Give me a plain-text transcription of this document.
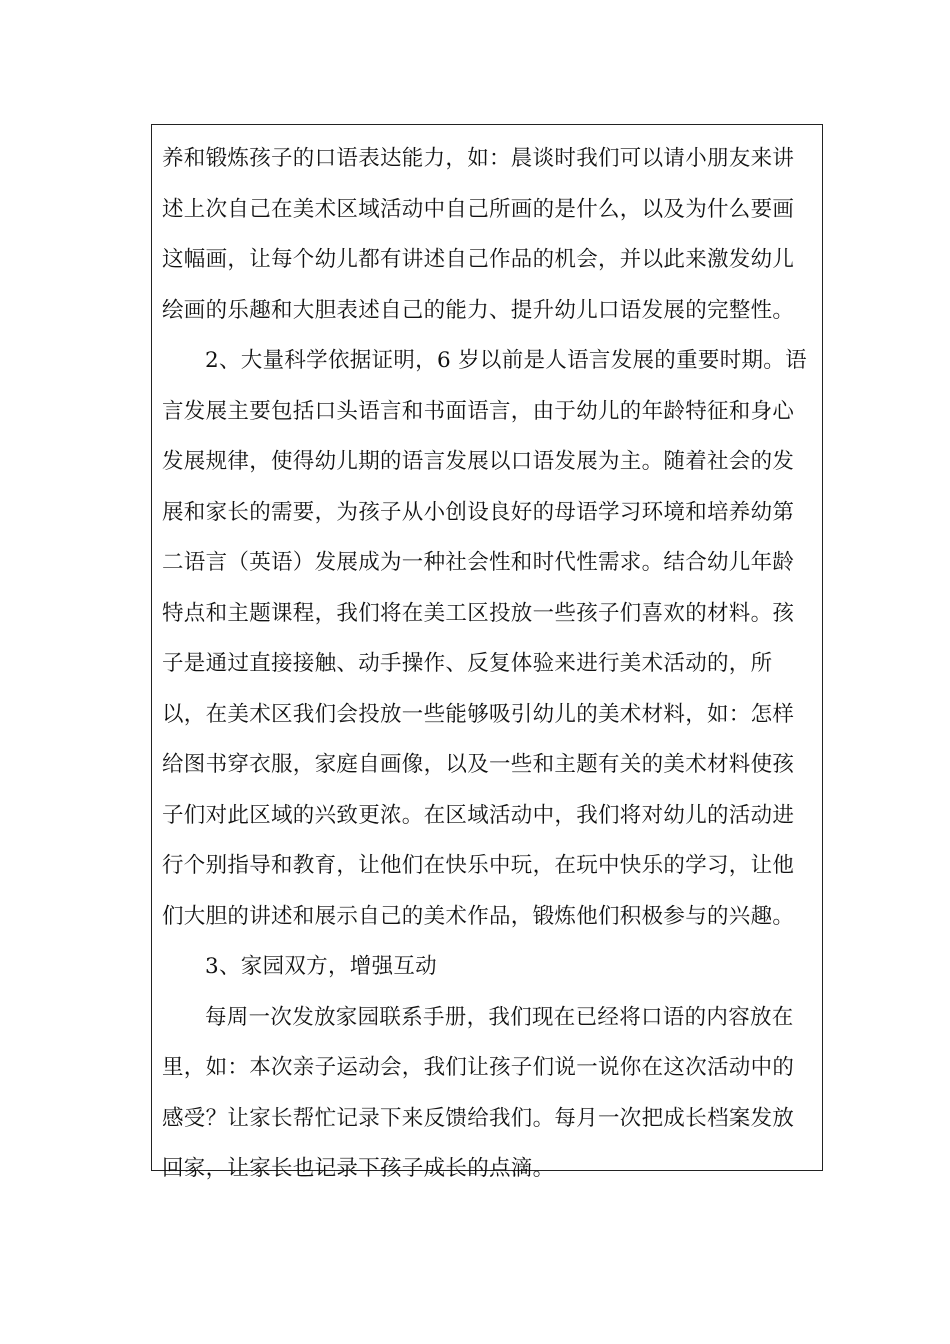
养和锻炼孩子的口语表达能力，如：晨谈时我们可以请小朋友来讲
述上次自己在美术区域活动中自己所画的是什么，以及为什么要画
这幅画，让每个幼儿都有讲述自己作品的机会，并以此来激发幼儿
绘画的乐趣和大胆表述自己的能力、提升幼儿口语发展的完整性。
2、大量科学依据证明，6 岁以前是人语言发展的重要时期。语
言发展主要包括口头语言和书面语言，由于幼儿的年龄特征和身心
发展规律，使得幼儿期的语言发展以口语发展为主。随着社会的发
展和家长的需要，为孩子从小创设良好的母语学习环境和培养幼第
二语言（英语）发展成为一种社会性和时代性需求。结合幼儿年龄
特点和主题课程，我们将在美工区投放一些孩子们喜欢的材料。孩
子是通过直接接触、动手操作、反复体验来进行美术活动的，所
以，在美术区我们会投放一些能够吸引幼儿的美术材料，如：怎样
给图书穿衣服，家庭自画像，以及一些和主题有关的美术材料使孩
子们对此区域的兴致更浓。在区域活动中，我们将对幼儿的活动进
行个别指导和教育，让他们在快乐中玩，在玩中快乐的学习，让他
们大胆的讲述和展示自己的美术作品，锻炼他们积极参与的兴趣。
3、家园双方，增强互动
每周一次发放家园联系手册，我们现在已经将口语的内容放在
里，如：本次亲子运动会，我们让孩子们说一说你在这次活动中的
感受？让家长帮忙记录下来反馈给我们。每月一次把成长档案发放
回家，让家长也记录下孩子成长的点滴。
